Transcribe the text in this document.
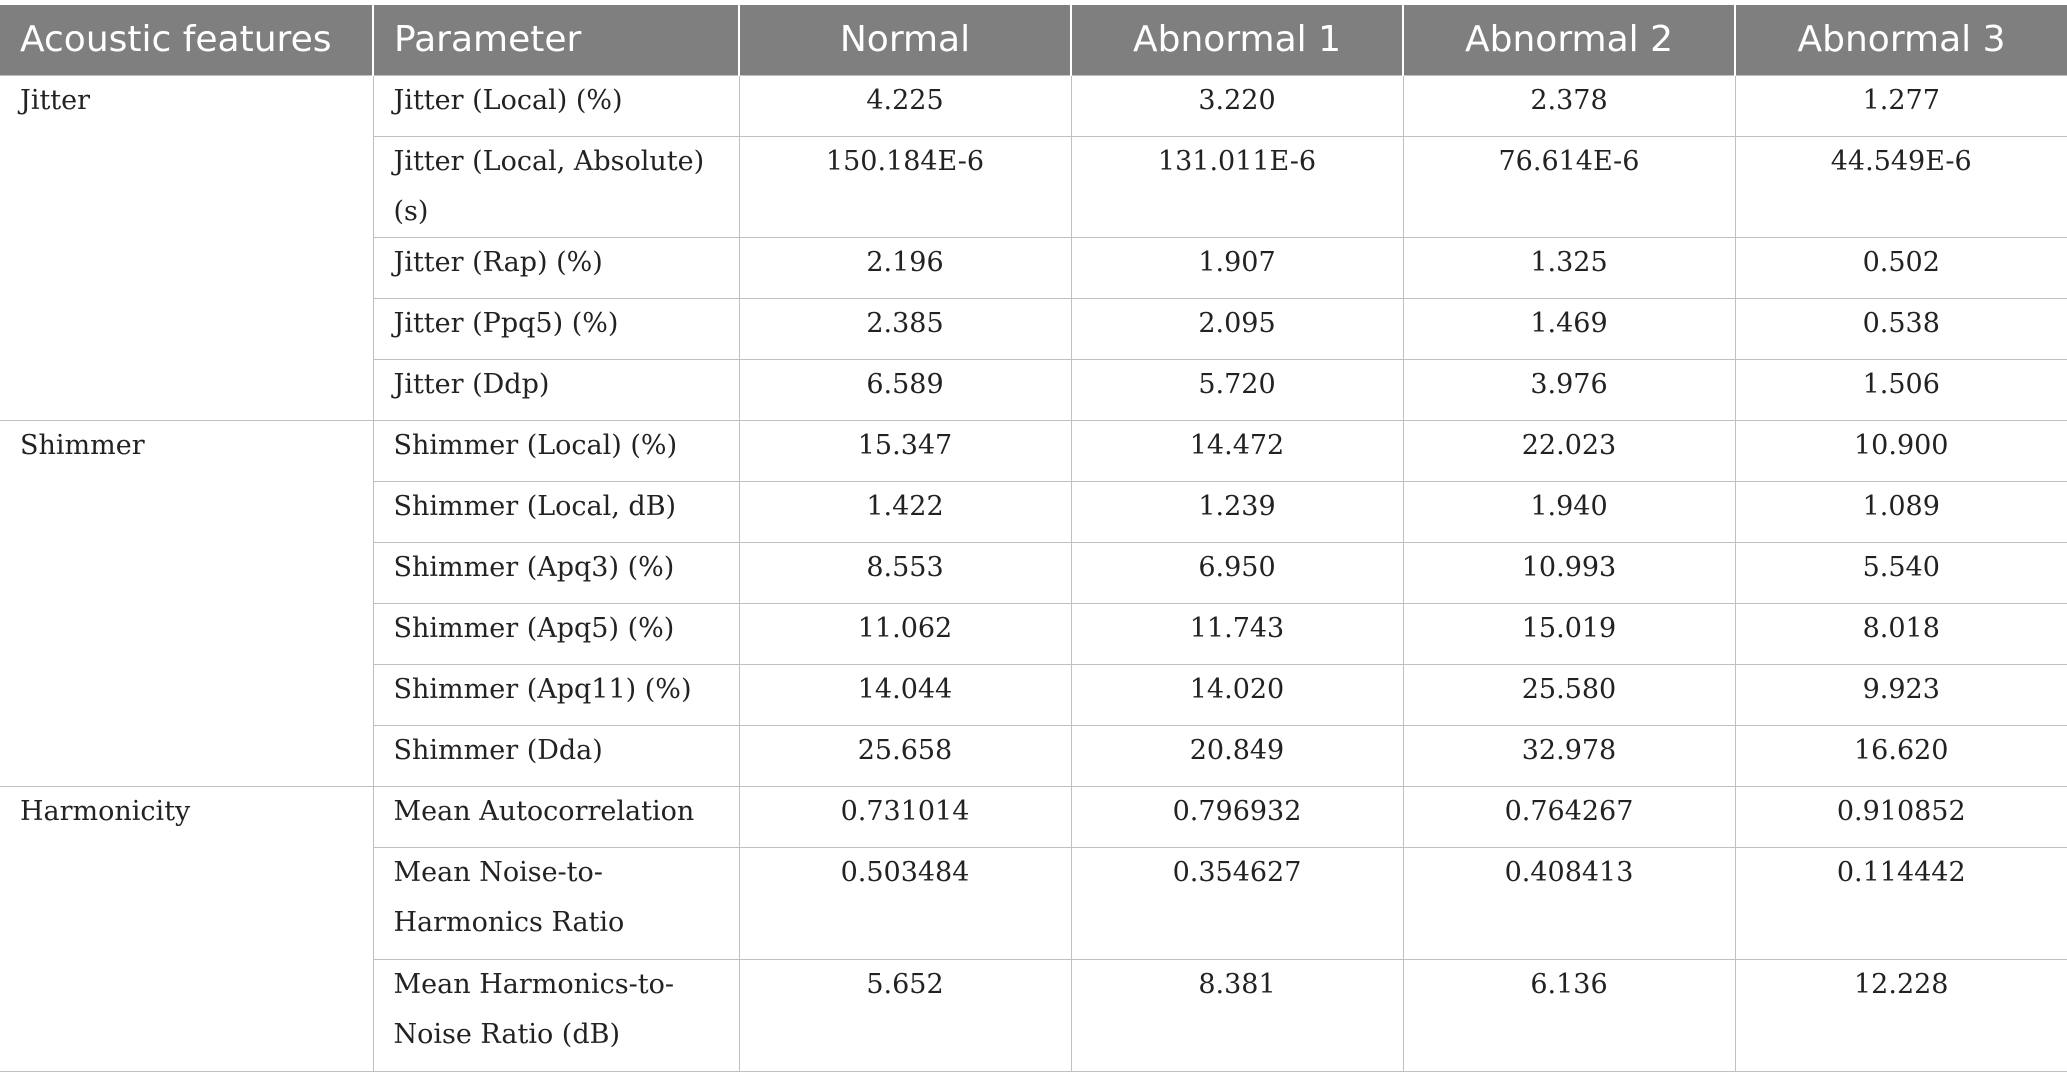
Acoustic features	Parameter	Normal	Abnormal 1	Abnormal 2	Abnormal 3
Jitter	Jitter (Local) (%)	4.225	3.220	2.378	1.277
	Jitter (Local, Absolute) (s)	150.184E-6	131.011E-6	76.614E-6	44.549E-6
	Jitter (Rap) (%)	2.196	1.907	1.325	0.502
	Jitter (Ppq5) (%)	2.385	2.095	1.469	0.538
	Jitter (Ddp)	6.589	5.720	3.976	1.506
Shimmer	Shimmer (Local) (%)	15.347	14.472	22.023	10.900
	Shimmer (Local, dB)	1.422	1.239	1.940	1.089
	Shimmer (Apq3) (%)	8.553	6.950	10.993	5.540
	Shimmer (Apq5) (%)	11.062	11.743	15.019	8.018
	Shimmer (Apq11) (%)	14.044	14.020	25.580	9.923
	Shimmer (Dda)	25.658	20.849	32.978	16.620
Harmonicity	Mean Autocorrelation	0.731014	0.796932	0.764267	0.910852
	Mean Noise-to-Harmonics Ratio	0.503484	0.354627	0.408413	0.114442
	Mean Harmonics-to-Noise Ratio (dB)	5.652	8.381	6.136	12.228
